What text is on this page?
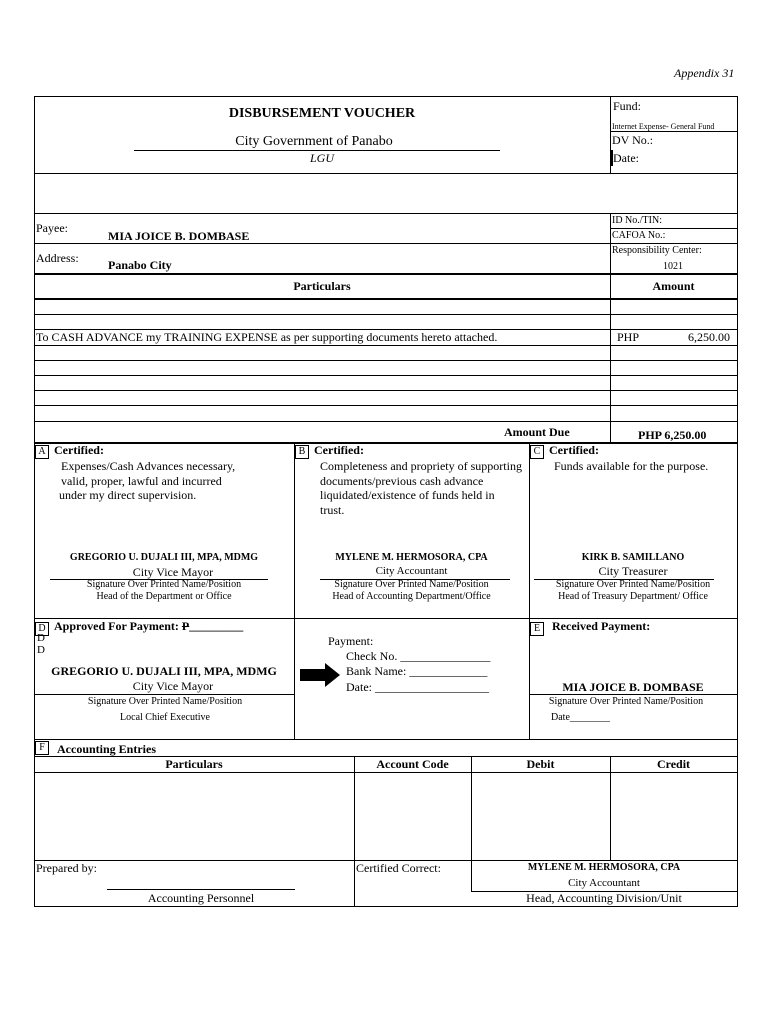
Appendix 31
DISBURSEMENT VOUCHER
City Government of Panabo
LGU
Fund:
Internet Expense- General Fund
DV No.:
Date:
Payee:
MIA JOICE B. DOMBASE
Address: Panabo City
ID No./TIN:
CAFOA No.:
Responsibility Center:
1021
Particulars	Amount
To CASH ADVANCE my TRAINING EXPENSE as per supporting documents hereto attached.	PHP	6,250.00
Amount Due	PHP 6,250.00
A Certified:
Expenses/Cash Advances necessary,
valid, proper, lawful and incurred
under my direct supervision.
GREGORIO U. DUJALI III, MPA, MDMG
City Vice Mayor
Signature Over Printed Name/Position
Head of the Department or Office
B Certified:
Completeness and propriety of supporting
documents/previous cash advance
liquidated/existence of funds held in
trust.
MYLENE M. HERMOSORA, CPA
City Accountant
Signature Over Printed Name/Position
Head of Accounting Department/Office
C Certified:
Funds available for the purpose.
KIRK B. SAMILLANO
City Treasurer
Signature Over Printed Name/Position
Head of Treasury Department/ Office
D Approved For Payment: P_________
D
D
GREGORIO U. DUJALI III, MPA, MDMG
City Vice Mayor
Signature Over Printed Name/Position
Local Chief Executive
Payment:
Check No. _______________
Bank Name: _____________
Date: ___________________
E Received Payment:
MIA JOICE B. DOMBASE
Signature Over Printed Name/Position
Date________
F	Accounting Entries
Particulars	Account Code	Debit	Credit
Prepared by:
Accounting Personnel
Certified Correct:	MYLENE M. HERMOSORA, CPA
City Accountant
Head, Accounting Division/Unit
